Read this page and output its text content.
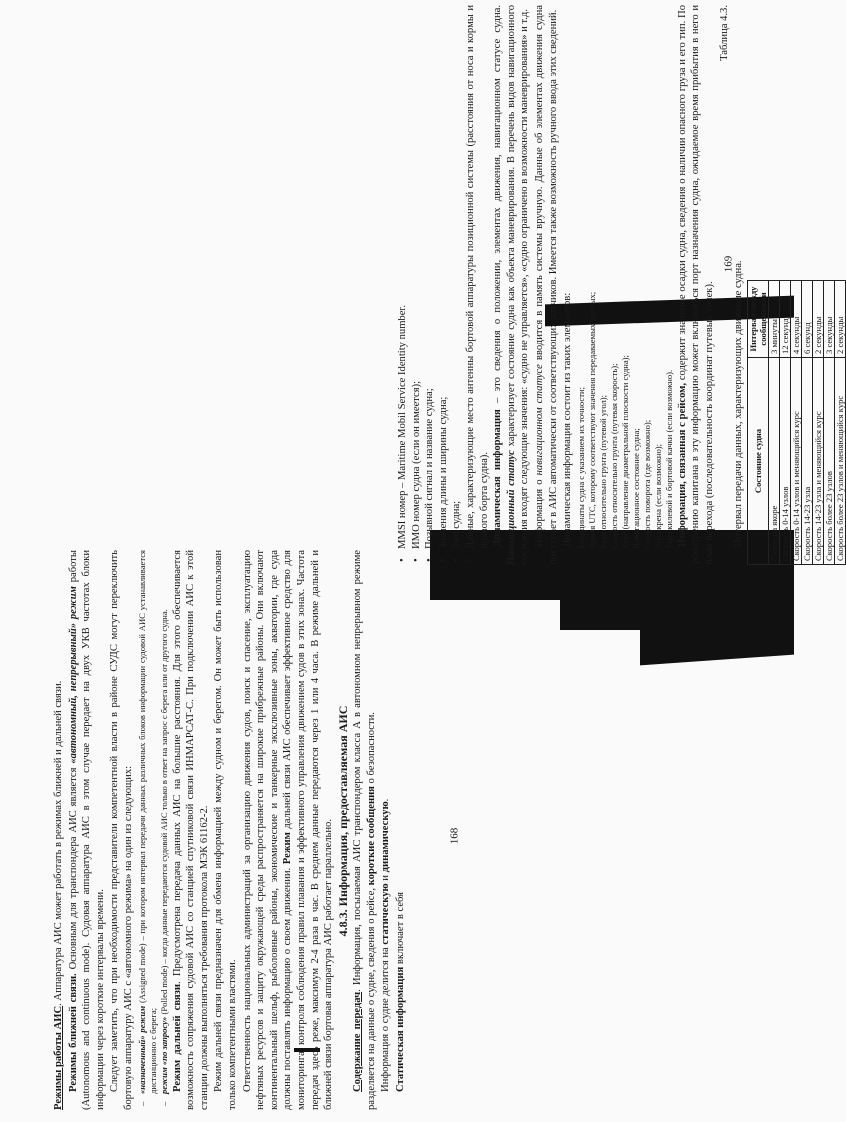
Режимы работы АИС. Аппаратура АИС может работать в режимах ближней и дальней связи.

Режимы ближней связи. Основным для транспондера АИС является «автономный, непрерывный» режим работы (Autonomous and continuous mode). Судовая аппаратура АИС в этом случае передает на двух УКВ частотах блоки информации через короткие интервалы времени. Следует заметить, что при необходимости представители компетентной власти в районе СУДС могут переключить бортовую аппаратуру АИС с «автономного режима» на один из следующих: – «назначенный» режим (Assigned mode) – при котором интервал передачи данных различных блоков информации судовой АИС устанавливается дистанционно с берега; – режим «по запросу» (Polled mode) – когда данные передаются судовой АИС только в ответ на запрос с берега или от другого судна.

Режим дальней связи. Предусмотрена передача данных АИС на большие расстояния. Для этого обеспечивается возможность сопряжения судовой АИС со станцией спутниковой связи ИНМАРСАТ-С. При подключении АИС к этой станции должны выполняться требования протокола МЭК 61162-2. Режим дальней связи предназначен для обмена информацией между судном и берегом. Он может быть использован только компетентными властями. Ответственность национальных администраций за организацию движения судов, поиск и спасение, эксплуатацию нефтяных ресурсов и защиту окружающей среды распространяется на широкие прибрежные районы. Они включают континентальный шельф, рыболовные районы, экономические и танкерные эксклюзивные зоны, акватории, где суда должны поставлять информацию о своем движении. Режим дальней связи АИС обеспечивает эффективное средство для мониторинга, контроля соблюдения правил плавания и эффективного управления движением судов в этих зонах. Частота передач здесь реже, максимум 2-4 раза в час. В среднем данные передаются через 1 или 4 часа. В режиме дальней и ближней связи бортовая аппаратура АИС работает параллельно. 4.8.3. Информация, предоставляемая АИС

Содержание передач. Информация, посылаемая АИС транспондером класса А в автономном непрерывном режиме разделяется на данные о судне, сведения о рейсе, короткие сообщения о безопасности.

Информация о судне делится на статическую и динамическую.

Статическая информация включает в себя

168
• MMSI номер – Maritime Mobil Service Identity number. • ИМО номер судна (если он имеется); • Позывной сигнал и название судна; • Значения длины и ширины судна; • Тип судна; • Данные, характеризующие место антенны бортовой аппаратуры позиционной системы (расстояния от носа и кормы и правого борта судна). Динамическая информация – это сведения о положении, элементах движения, навигационном статусе судна. Навигационный статус характеризует состояние судна как объекта маневрирования. В перечень видов навигационного состояния входят следующие значения: «судно не управляется», «судно ограничено в возможности маневрирования» и т.д. Информация о навигационном статусе вводится в память системы вручную. Данные об элементах движения судна поступает в АИС автоматически от соответствующих датчиков. Имеется также возможность ручного ввода этих сведений. Динамическая информация состоит из таких элементов: – Координаты судна с указанием их точности; – Время UTC, которому соответствуют значения передаваемых данных; – Курс относительно грунта (путевой угол); – Скорость относительно грунта (путевая скорость); – Курс (направление диаметральной плоскости судна); – Навигационное состояние судна; – Скорость поворота (где возможно); – Угол крена (если возможно); – Угол килевой и бортовой качки (если возможно). Информация, связанная с рейсом, содержит значение осадки судна, сведения о наличии опасного груза и его тип. По усмотрению капитана в эту информацию может включаться порт назначения судна, ожидаемое время прибытия в него и план перехода (последовательность координат путевых точек).

Таблица 4.3.

Интервал передачи данных, характеризующих движение судна. Состояние судна	Интервал между сообщениями
Судно на якоре	3 минуты
Скорость 0-14 узлов	12 секунд
Скорость 0-14 узлов и меняющийся курс	4 секунды
Скорость 14-23 узла	6 секунд
Скорость 14-23 узла и меняющийся курс	2 секунды
Скорость более 23 узлов	3 секунды
Скорость более 23 узлов и меняющийся курс	2 секунды
169
